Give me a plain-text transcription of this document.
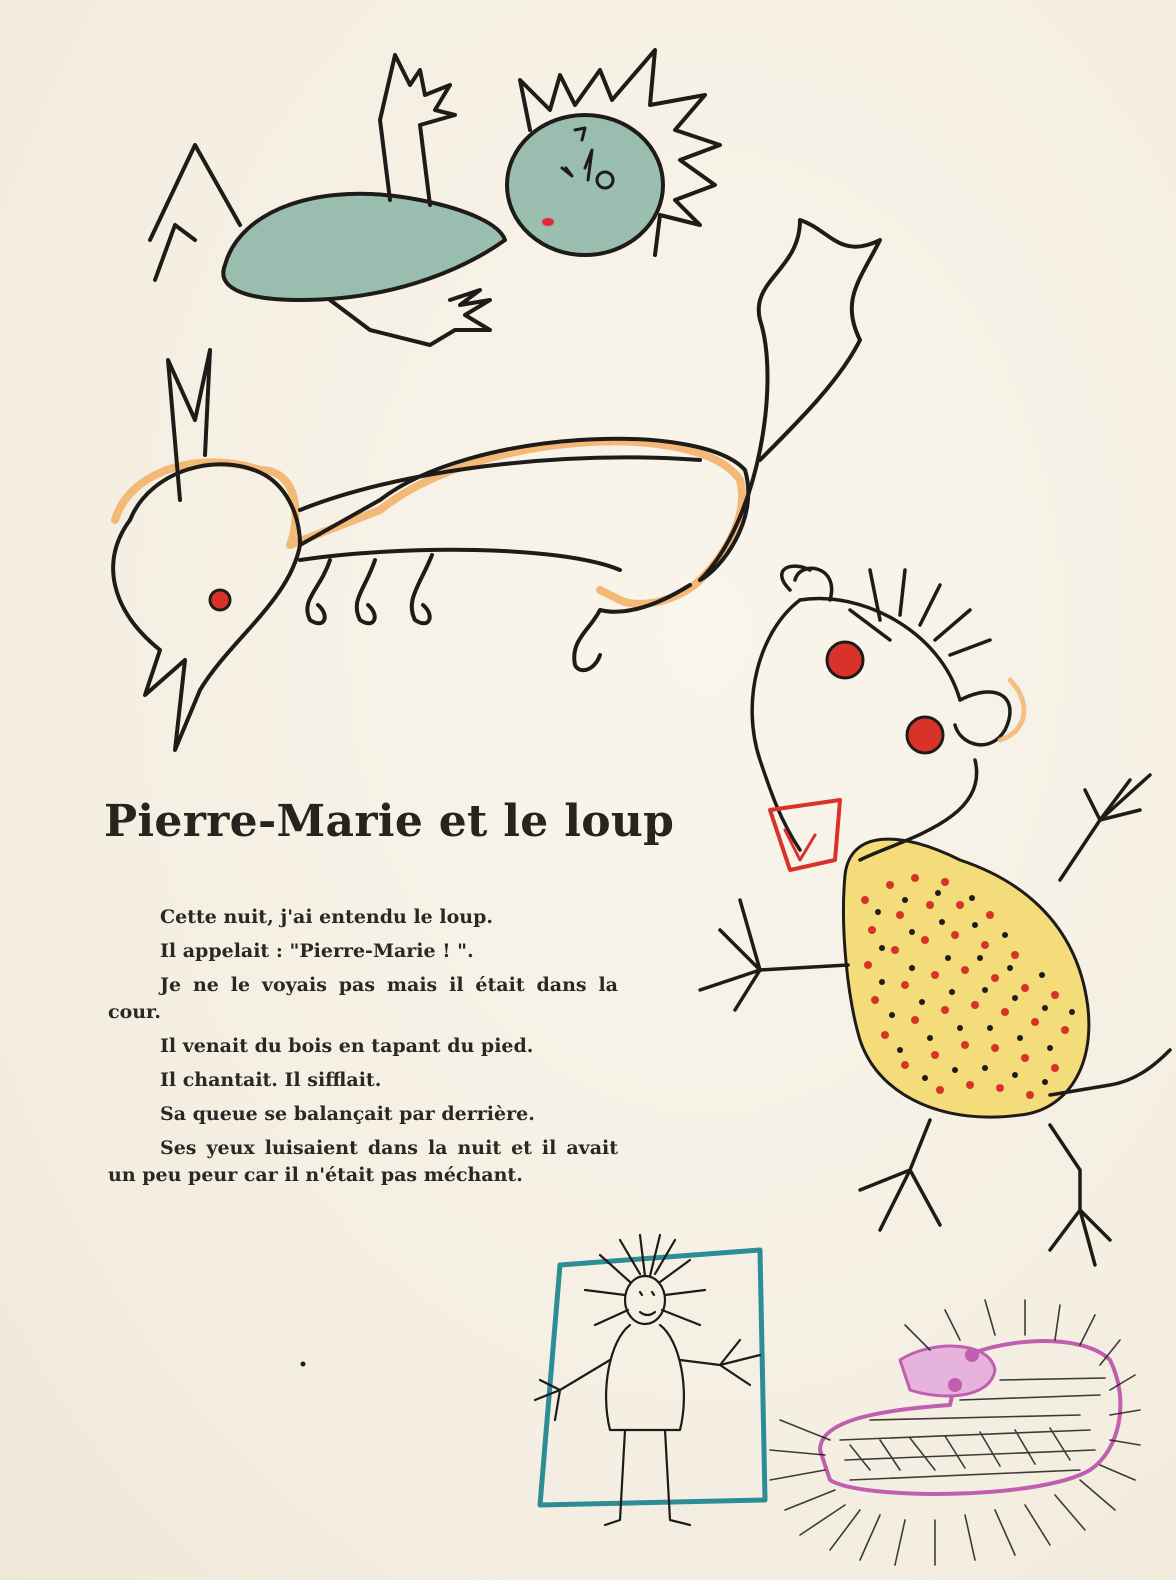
Pierre-Marie et le loup

Cette nuit, j'ai entendu le loup.

Il appelait : "Pierre-Marie ! ".

Je ne le voyais pas mais il était dans la cour.

Il venait du bois en tapant du pied.

Il chantait. Il sifflait.

Sa queue se balançait par derrière.

Ses yeux luisaient dans la nuit et il avait un peu peur car il n'était pas méchant.
